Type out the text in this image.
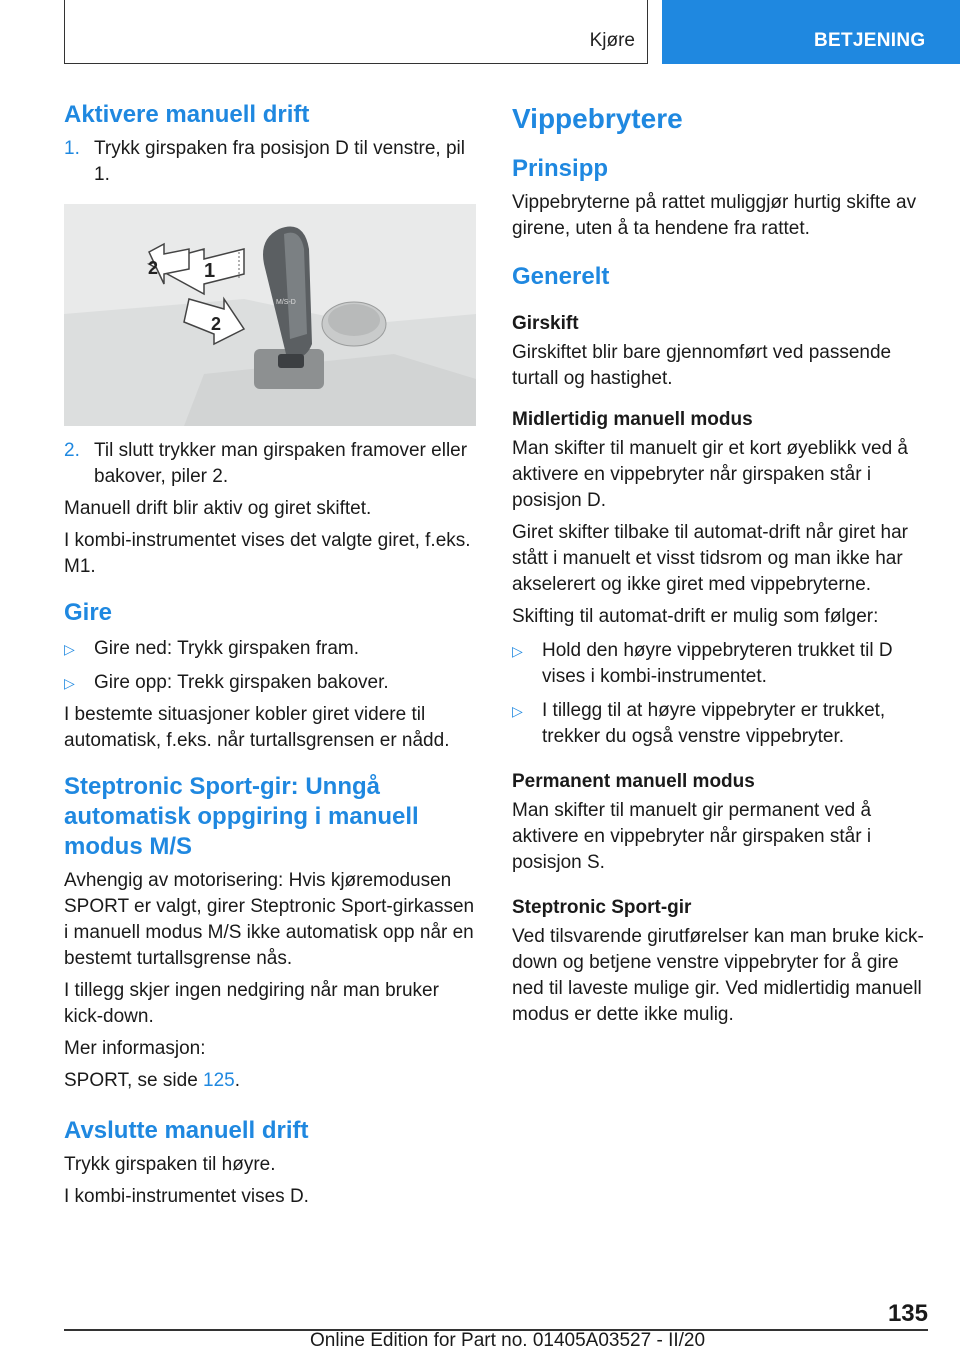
Kjøre	BETJENING
Aktivere manuell drift
1. Trykk girspaken fra posisjon D til venstre, pil 1.
1
2
2
M/S-D
2. Til slutt trykker man girspaken framover eller bakover, piler 2.

Manuell drift blir aktiv og giret skiftet.

I kombi-instrumentet vises det valgte giret, f.eks. M1.

Gire
▷ Gire ned: Trykk girspaken fram.
▷ Gire opp: Trekk girspaken bakover.

I bestemte situasjoner kobler giret videre til automatisk, f.eks. når turtallsgrensen er nådd.

Steptronic Sport-gir: Unngå automatisk oppgiring i manuell modus M/S

Avhengig av motorisering: Hvis kjøremodusen SPORT er valgt, girer Steptronic Sport-girkassen i manuell modus M/S ikke automatisk opp når en bestemt turtallsgrense nås.

I tillegg skjer ingen nedgiring når man bruker kick-down.

Mer informasjon:

SPORT, se side 125.

Avslutte manuell drift

Trykk girspaken til høyre.

I kombi-instrumentet vises D.

Vippebrytere
Prinsipp

Vippebryterne på rattet muliggjør hurtig skifte av girene, uten å ta hendene fra rattet.

Generelt
Girskift

Girskiftet blir bare gjennomført ved passende turtall og hastighet.

Midlertidig manuell modus

Man skifter til manuelt gir et kort øyeblikk ved å aktivere en vippebryter når girspaken står i posisjon D.

Giret skifter tilbake til automat-drift når giret har stått i manuelt et visst tidsrom og man ikke har akselerert og ikke giret med vippebryterne.

Skifting til automat-drift er mulig som følger:

▷ Hold den høyre vippebryteren trukket til D vises i kombi-instrumentet.
▷ I tillegg til at høyre vippebryter er trukket, trekker du også venstre vippebryter.
Permanent manuell modus

Man skifter til manuelt gir permanent ved å aktivere en vippebryter når girspaken står i posisjon S.

Steptronic Sport-gir

Ved tilsvarende girutførelser kan man bruke kick-down og betjene venstre vippebryter for å gire ned til laveste mulige gir. Ved midlertidig manuell modus er dette ikke mulig.

135
Online Edition for Part no. 01405A03527 - II/20
